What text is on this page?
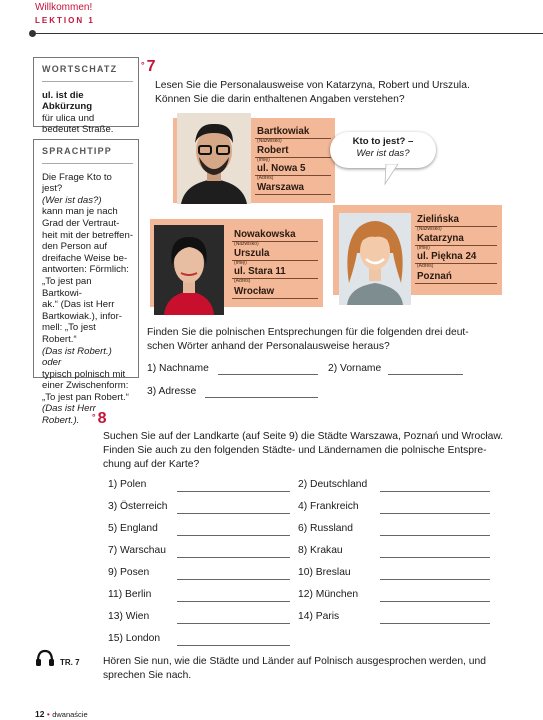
Willkommen!
LEKTION 1
WORTSCHATZ
ul. ist die Abkürzung
für ulica und
bedeutet Straße.
SPRACHTIPP
Die Frage Kto to jest?
(Wer ist das?)
kann man je nach
Grad der Vertraut-
heit mit der betreffen-
den Person auf
dreifache Weise be-
antworten: Förmlich:
„To jest pan Bartkowi-
ak.“ (Das ist Herr
Bartkowiak.), infor-
mell: „To jest Robert.“
(Das ist Robert.) oder
typisch polnisch mit
einer Zwischenform:
„To jest pan Robert.“
(Das ist Herr Robert.).
° 7
Lesen Sie die Personalausweise von Katarzyna, Robert und Urszula.
Können Sie die darin enthaltenen Angaben verstehen?
Bartkowiak
(Nazwisko)
Robert
(Imię)
ul. Nowa 5
(Adres)
Warszawa
Kto to jest? –
Wer ist das?
Nowakowska
(Nazwisko)
Urszula
(Imię)
ul. Stara 11
(Adres)
Wrocław
Zielińska
(Nazwisko)
Katarzyna
(Imię)
ul. Piękna 24
(Adres)
Poznań
Finden Sie die polnischen Entsprechungen für die folgenden drei deut-
schen Wörter anhand der Personalausweise heraus?
1) Nachname	2) Vorname
3) Adresse
° 8
Suchen Sie auf der Landkarte (auf Seite 9) die Städte Warszawa, Poznań und Wrocław.
Finden Sie auch zu den folgenden Städte- und Ländernamen die polnische Entspre-
chung auf der Karte?
TR. 7 Hören Sie nun, wie die Städte und Länder auf Polnisch ausgesprochen werden, und
sprechen Sie nach.
12 • dwanaście
1) Polen
3) Österreich
5) England
7) Warschau
9) Posen
11) Berlin
13) Wien
15) London
2) Deutschland
4) Frankreich
6) Russland
8) Krakau
10) Breslau
12) München
14) Paris
